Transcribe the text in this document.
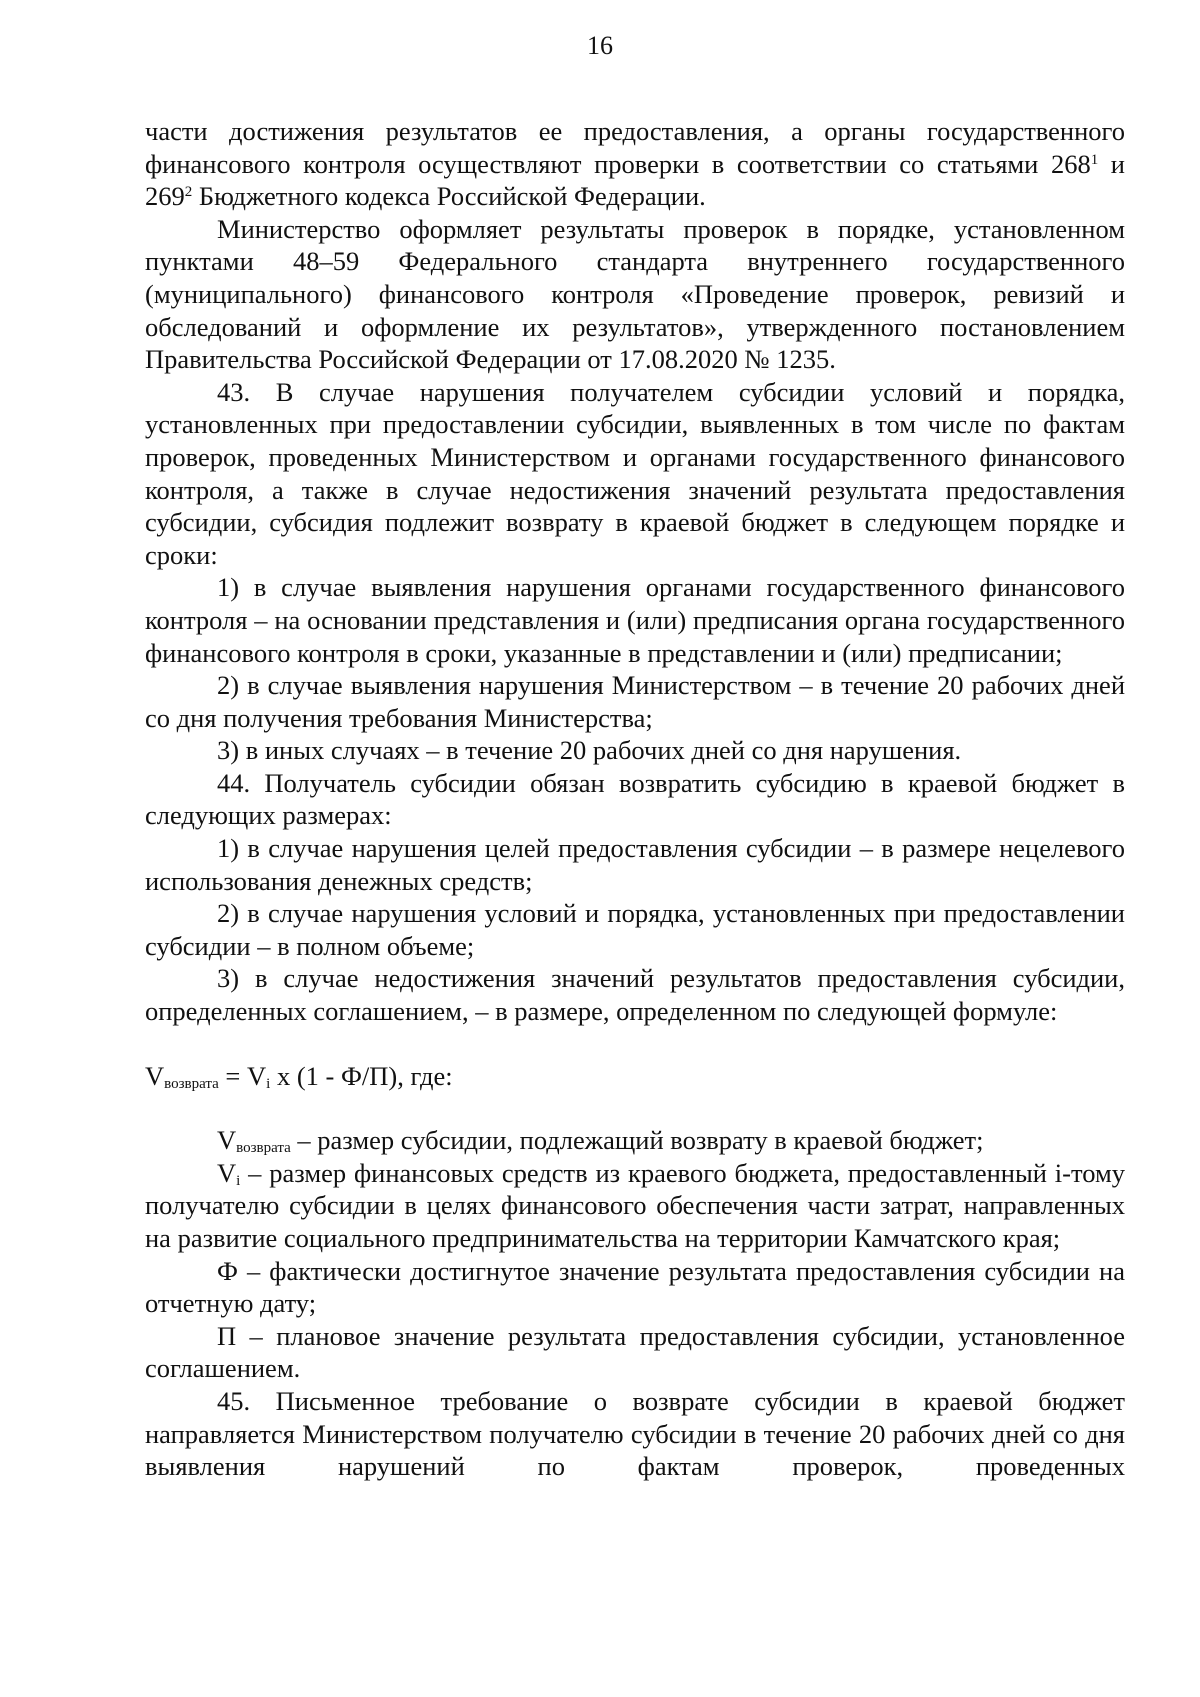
16

части достижения результатов ее предоставления, а органы государственного финансового контроля осуществляют проверки в соответствии со статьями $268^1$ и $269^2$ Бюджетного кодекса Российской Федерации.

Министерство оформляет результаты проверок в порядке, установленном пунктами 48–59 Федерального стандарта внутреннего государственного (муниципального) финансового контроля «Проведение проверок, ревизий и обследований и оформление их результатов», утвержденного постановлением Правительства Российской Федерации от 17.08.2020 № 1235.

43. В случае нарушения получателем субсидии условий и порядка, установленных при предоставлении субсидии, выявленных в том числе по фактам проверок, проведенных Министерством и органами государственного финансового контроля, а также в случае недостижения значений результата предоставления субсидии, субсидия подлежит возврату в краевой бюджет в следующем порядке и сроки:

1) в случае выявления нарушения органами государственного финансового контроля – на основании представления и (или) предписания органа государственного финансового контроля в сроки, указанные в представлении и (или) предписании;

2) в случае выявления нарушения Министерством – в течение 20 рабочих дней со дня получения требования Министерства;

3) в иных случаях – в течение 20 рабочих дней со дня нарушения.

44. Получатель субсидии обязан возвратить субсидию в краевой бюджет в следующих размерах:

1) в случае нарушения целей предоставления субсидии – в размере нецелевого использования денежных средств;

2) в случае нарушения условий и порядка, установленных при предоставлении субсидии – в полном объеме;

3) в случае недостижения значений результатов предоставления субсидии, определенных соглашением, – в размере, определенном по следующей формуле:

$V_{возврата} = V_i$ x (1 - Ф/П), где:

$V_{возврата}$ – размер субсидии, подлежащий возврату в краевой бюджет;

$V_i$ – размер финансовых средств из краевого бюджета, предоставленный i-тому получателю субсидии в целях финансового обеспечения части затрат, направленных на развитие социального предпринимательства на территории Камчатского края;

Ф – фактически достигнутое значение результата предоставления субсидии на отчетную дату;

П – плановое значение результата предоставления субсидии, установленное соглашением.

45. Письменное требование о возврате субсидии в краевой бюджет направляется Министерством получателю субсидии в течение 20 рабочих дней со дня выявления нарушений по фактам проверок, проведенных
